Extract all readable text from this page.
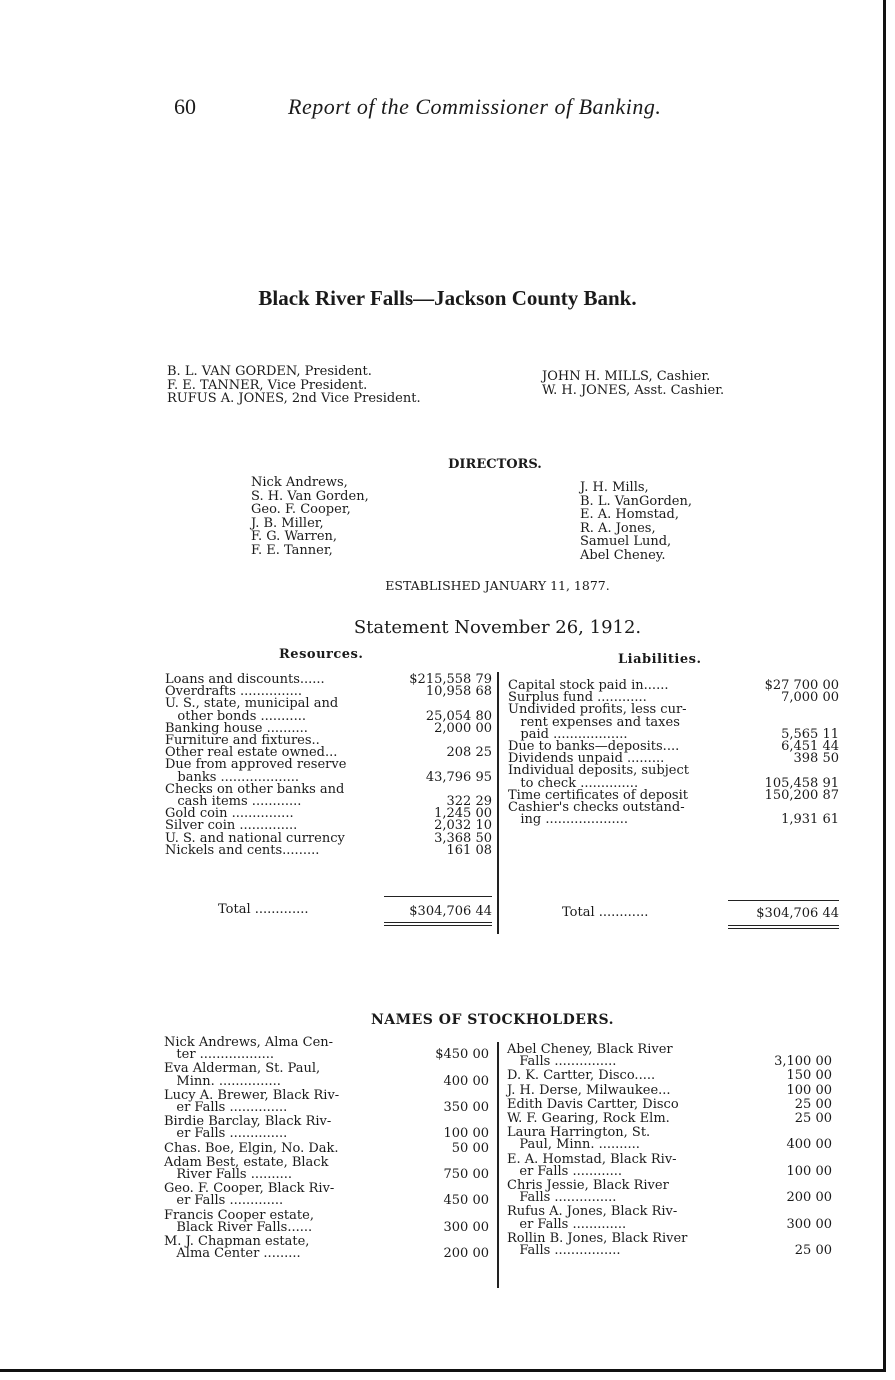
60	Report of the Commissioner of Banking.
Black River Falls—Jackson County Bank.
B. L. VAN GORDEN, President.
F. E. TANNER, Vice President.
RUFUS A. JONES, 2nd Vice President.
JOHN H. MILLS, Cashier.
W. H. JONES, Asst. Cashier.
DIRECTORS.
Nick Andrews,
S. H. Van Gorden,
Geo. F. Cooper,
J. B. Miller,
F. G. Warren,
F. E. Tanner,
J. H. Mills,
B. L. VanGorden,
E. A. Homstad,
R. A. Jones,
Samuel Lund,
Abel Cheney.
ESTABLISHED JANUARY 11, 1877.
Statement November 26, 1912.
Resources.	Liabilities.
Loans and discounts......	$215,558 79
Overdrafts ...............	10,958 68
U. S., state, municipal and
other bonds ...........	25,054 80
Banking house ..........	2,000 00
Furniture and fixtures..
Other real estate owned...	208 25
Due from approved reserve
banks ...................	43,796 95
Checks on other banks and
cash items ............	322 29
Gold coin ...............	1,245 00
Silver coin ..............	2,032 10
U. S. and national currency	3,368 50
Nickels and cents.........	161 08
Total .............	$304,706 44
Capital stock paid in......	$27 700 00
Surplus fund ............	7,000 00
Undivided profits, less cur-
rent expenses and taxes
paid ..................	5,565 11
Due to banks—deposits....	6,451 44
Dividends unpaid .........	398 50
Individual deposits, subject
to check ..............	105,458 91
Time certificates of deposit	150,200 87
Cashier's checks outstand-
ing ....................	1,931 61
Total ............	$304,706 44
NAMES OF STOCKHOLDERS.
Nick Andrews, Alma Cen-
ter ..................	$450 00
Eva Alderman, St. Paul,
Minn. ...............	400 00
Lucy A. Brewer, Black Riv-
er Falls ..............	350 00
Birdie Barclay, Black Riv-
er Falls ..............	100 00
Chas. Boe, Elgin, No. Dak.	50 00
Adam Best, estate, Black
River Falls ..........	750 00
Geo. F. Cooper, Black Riv-
er Falls .............	450 00
Francis Cooper estate,
Black River Falls......	300 00
M. J. Chapman estate,
Alma Center .........	200 00
Abel Cheney, Black River
Falls ...............	3,100 00
D. K. Cartter, Disco.....	150 00
J. H. Derse, Milwaukee...	100 00
Edith Davis Cartter, Disco	25 00
W. F. Gearing, Rock Elm.	25 00
Laura Harrington, St.
Paul, Minn. ..........	400 00
E. A. Homstad, Black Riv-
er Falls ............	100 00
Chris Jessie, Black River
Falls ...............	200 00
Rufus A. Jones, Black Riv-
er Falls .............	300 00
Rollin B. Jones, Black River
Falls ................	25 00
